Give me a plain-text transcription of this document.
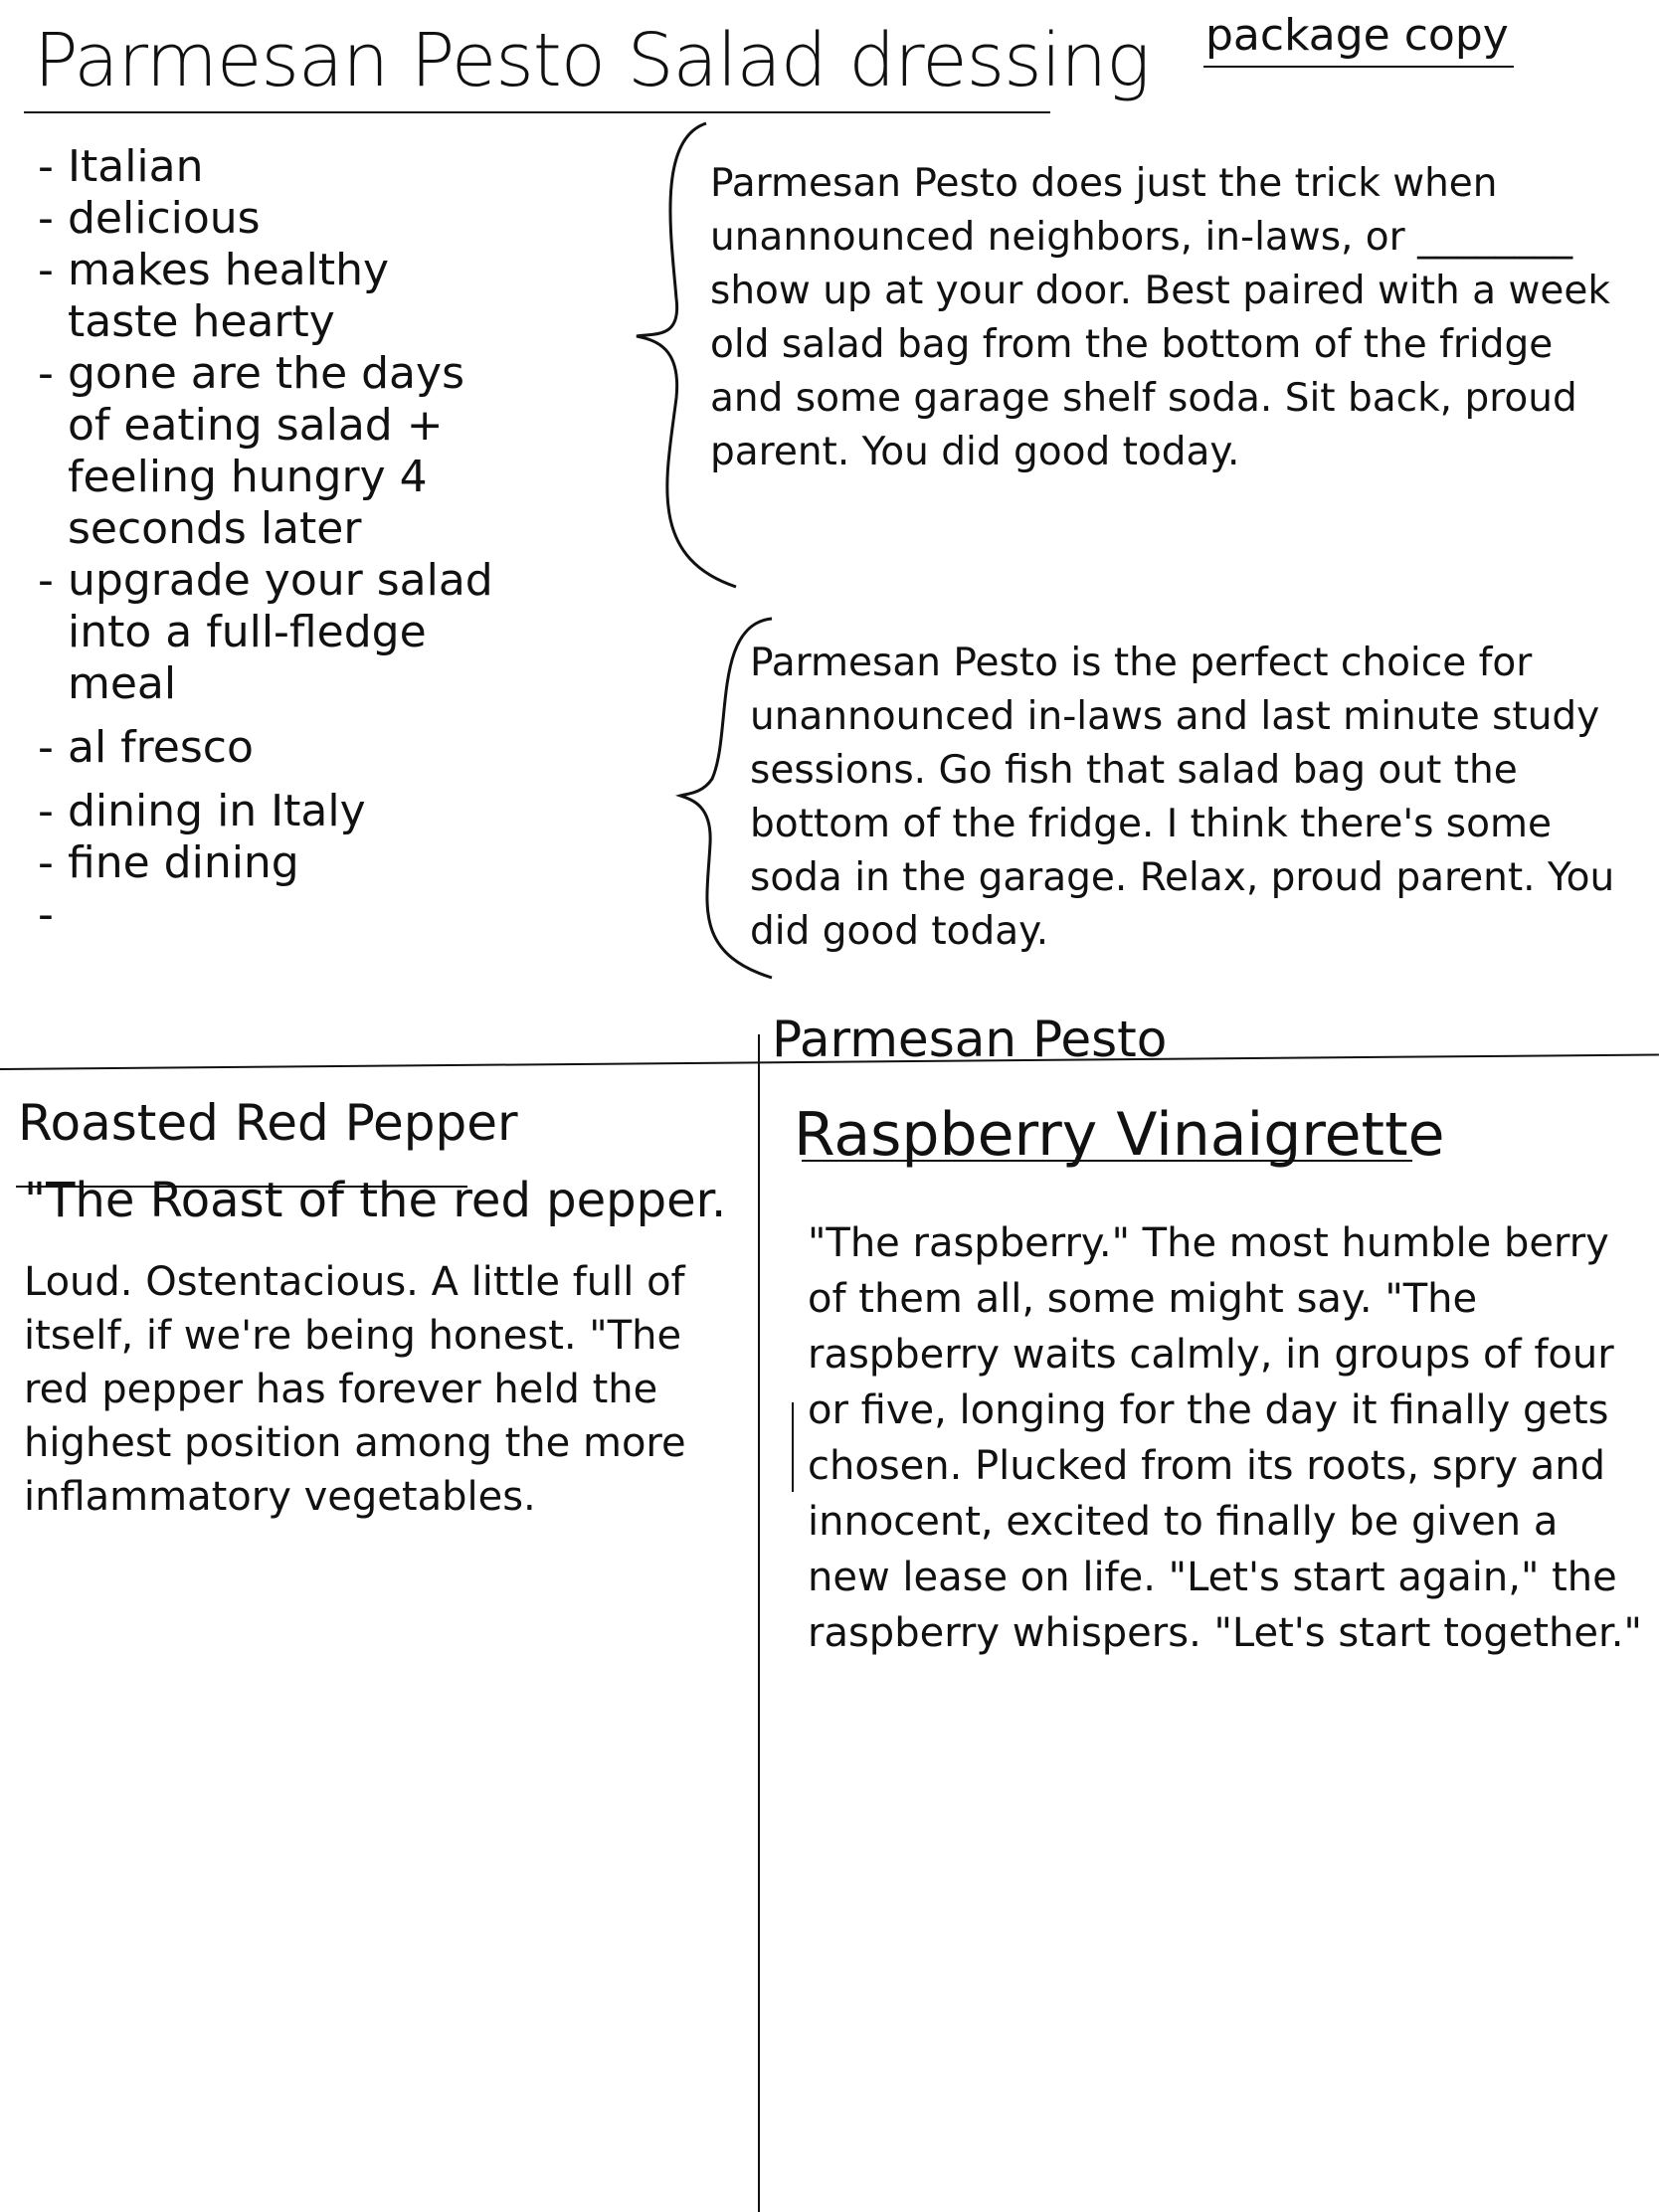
Parmesan Pesto Salad dressing package copy
- Italian
- delicious
- makes healthy
taste hearty
- gone are the days
of eating salad +
feeling hungry 4
seconds later
- upgrade your salad
into a full-fledge
meal
- al fresco
- dining in Italy
- fine dining
Parmesan Pesto does just the trick when unannounced neighbors, in-laws, or ________ show up at your door. Best paired with a week old salad bag from the bottom of the fridge and some garage shelf soda. Sit back, proud parent. You did good today.
Parmesan Pesto is the perfect choice for unannounced in-laws and last minute study sessions. Go fish that salad bag out the bottom of the fridge. I think there's some soda in the garage. Relax, proud parent. You did good today.
Parmesan Pesto
Roasted Red Pepper
"The Roast of the red pepper.
Loud. Ostentacious. A little full of itself, if we're being honest. "The red pepper has forever held the highest position among the more inflammatory vegetables.
Raspberry Vinaigrette
"The raspberry." The most humble berry of them all, some might say. "The raspberry waits calmly, in groups of four or five, longing for the day it finally gets chosen. Plucked from its roots, spry and innocent, excited to finally be given a new lease on life. "Let's start again," the raspberry whispers. "Let's start together."
